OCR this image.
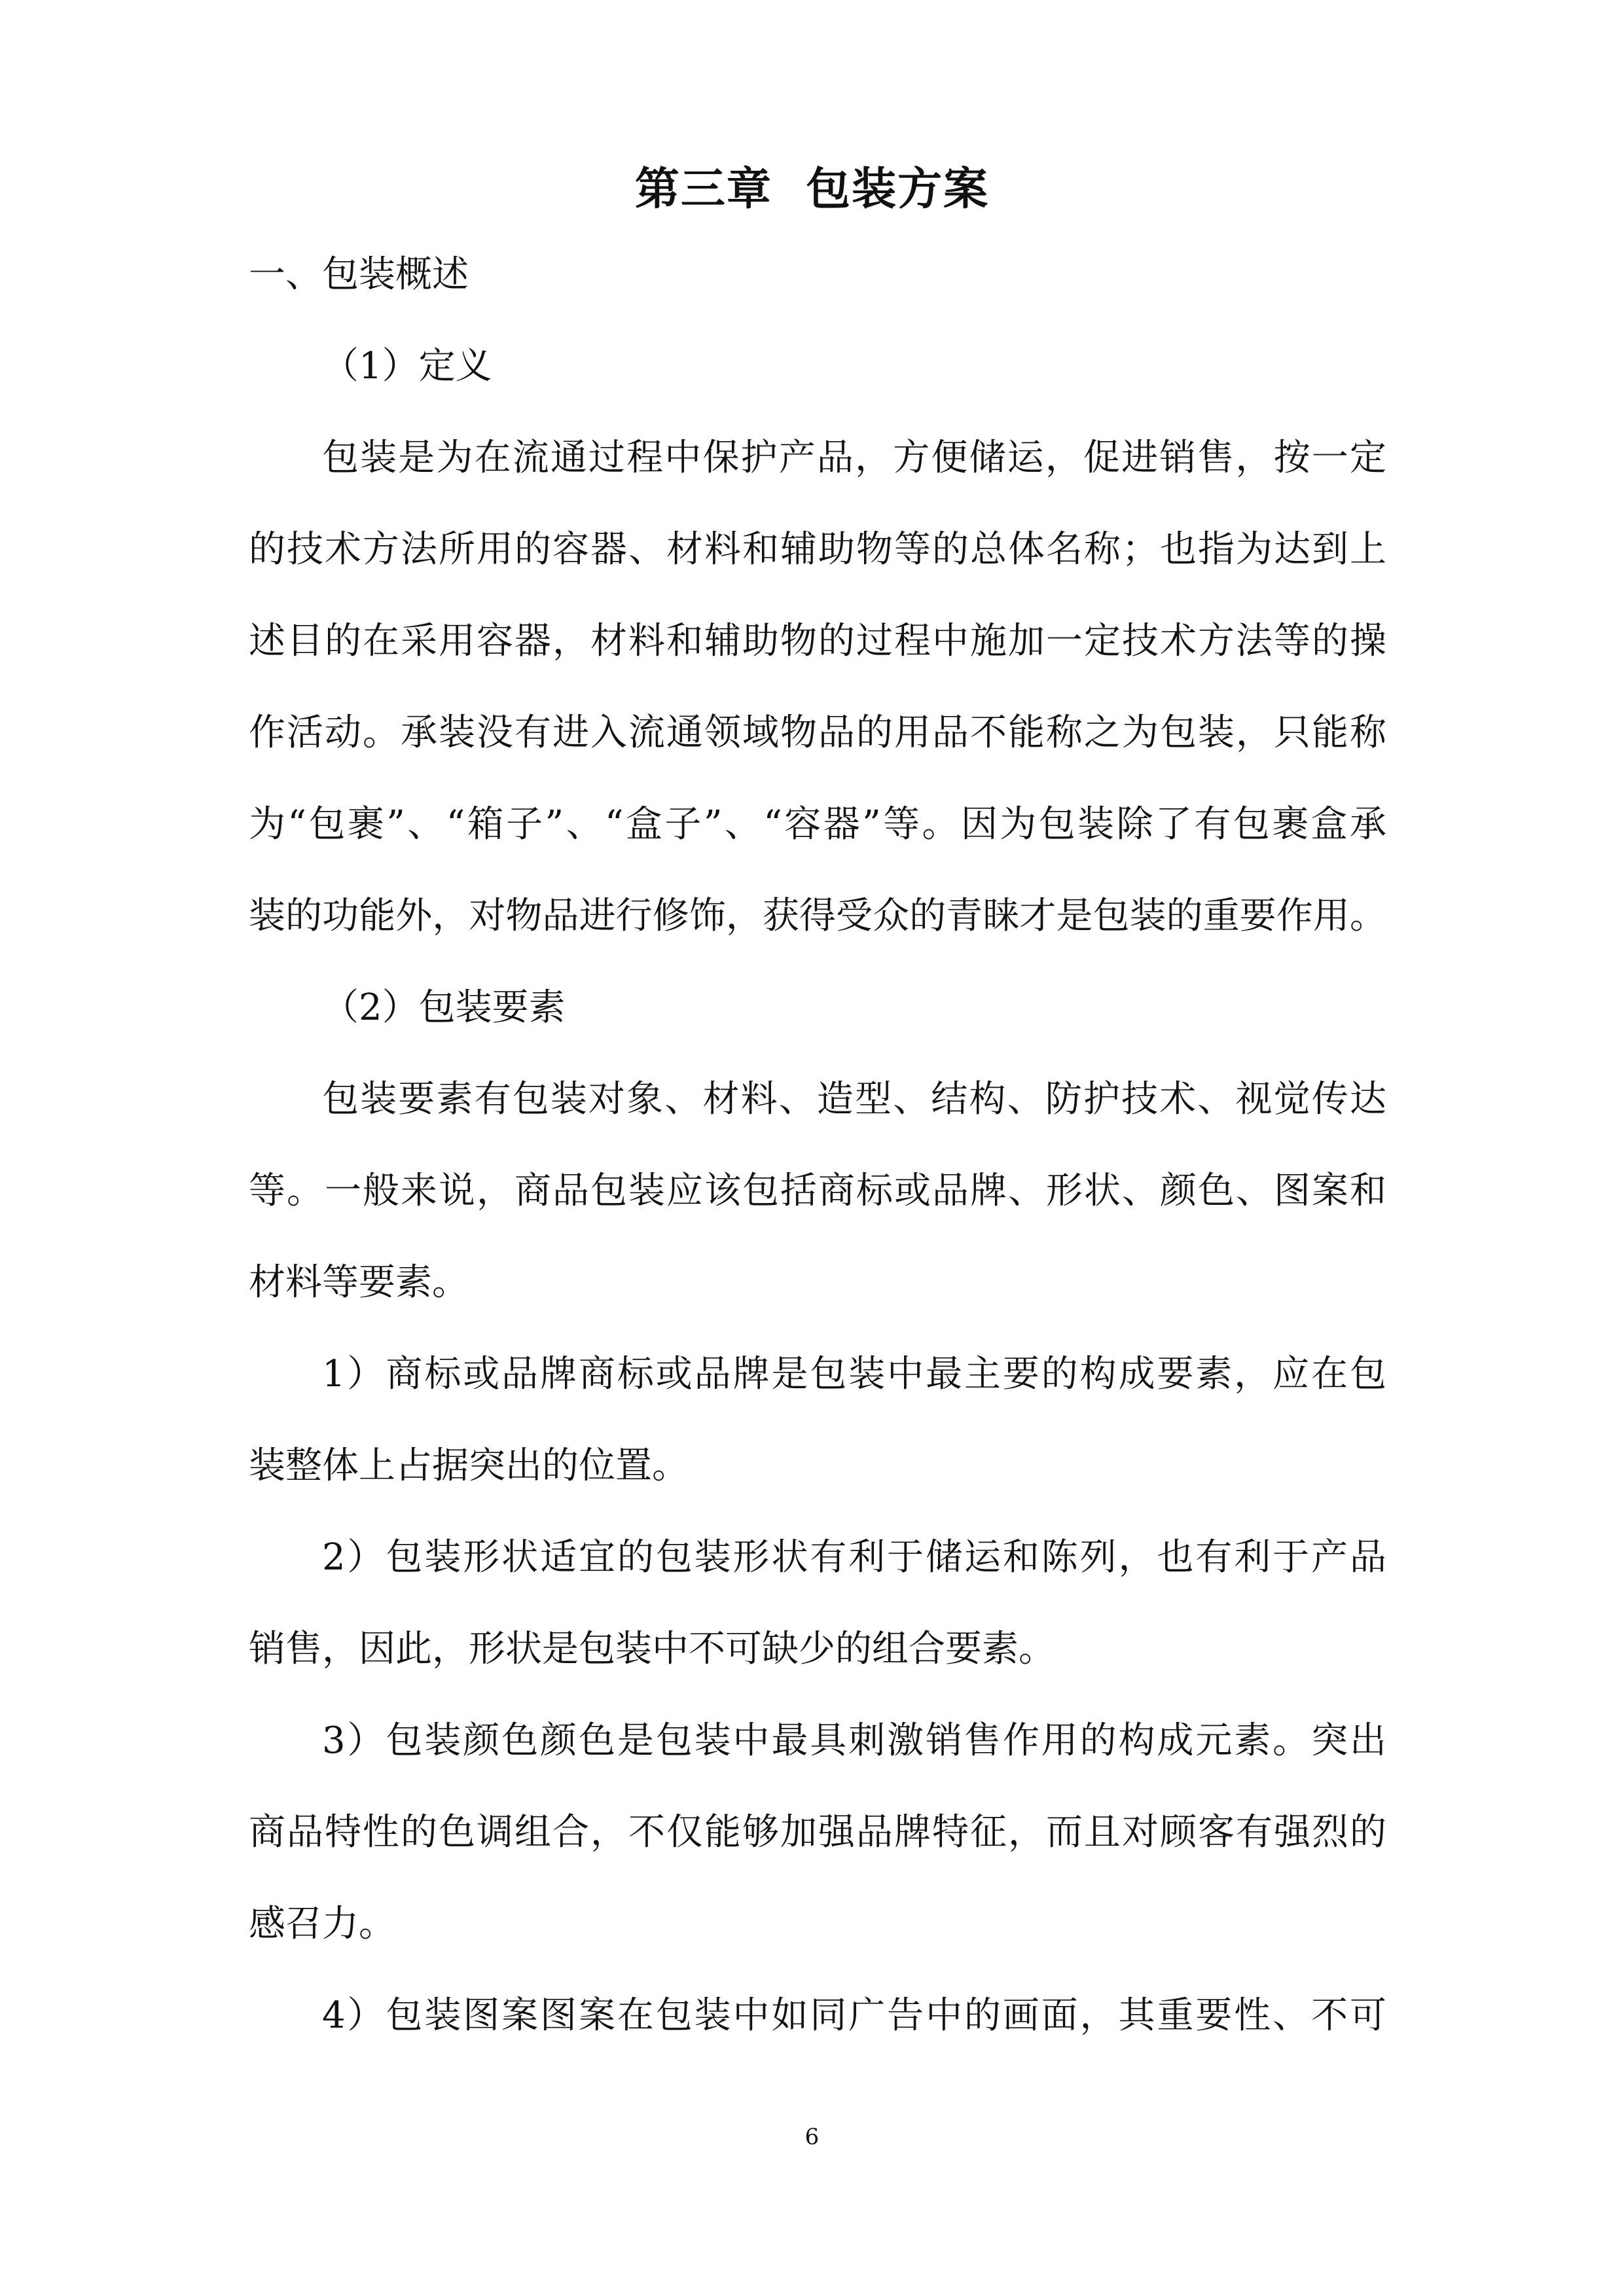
第三章  包装方案
一、包装概述
（1）定义
包装是为在流通过程中保护产品，方便储运，促进销售，按一定
的技术方法所用的容器、材料和辅助物等的总体名称；也指为达到上
述目的在采用容器，材料和辅助物的过程中施加一定技术方法等的操
作活动。承装没有进入流通领域物品的用品不能称之为包装，只能称
为“包裹”、“箱子”、“盒子”、“容器”等。因为包装除了有包裹盒承
装的功能外，对物品进行修饰，获得受众的青睐才是包装的重要作用。
（2）包装要素
包装要素有包装对象、材料、造型、结构、防护技术、视觉传达
等。一般来说，商品包装应该包括商标或品牌、形状、颜色、图案和
材料等要素。
1）商标或品牌商标或品牌是包装中最主要的构成要素，应在包
装整体上占据突出的位置。
2）包装形状适宜的包装形状有利于储运和陈列，也有利于产品
销售，因此，形状是包装中不可缺少的组合要素。
3）包装颜色颜色是包装中最具刺激销售作用的构成元素。突出
商品特性的色调组合，不仅能够加强品牌特征，而且对顾客有强烈的
感召力。
4）包装图案图案在包装中如同广告中的画面，其重要性、不可
6
